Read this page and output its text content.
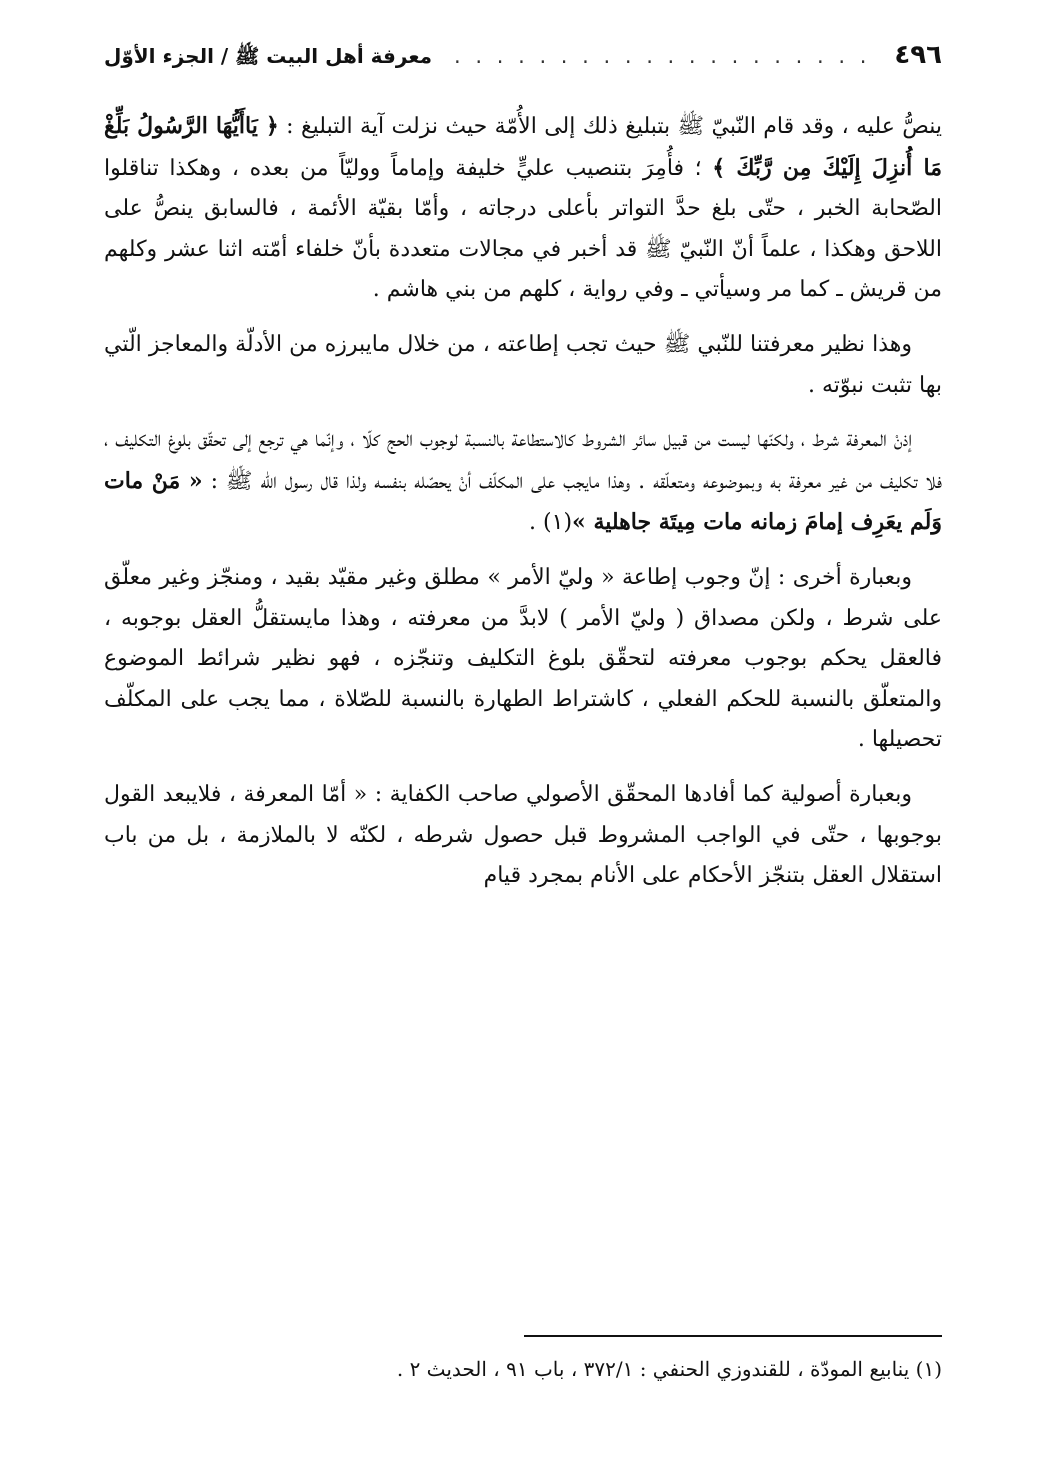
٤٩٦
. . .
معرفة أهل البيت ﷺ / الجزء الأوّل

ينصُّ عليه ، وقد قام النّبيّ ﷺ بتبليغ ذلك إلى الأُمّة حيث نزلت آية التبليغ : ﴿ يَاأَيُّهَا الرَّسُولُ بَلِّغْ مَا أُنزِلَ إِلَيْكَ مِن رَّبِّكَ ﴾ ؛ فأُمِرَ بتنصيب عليٍّ خليفة وإماماً ووليّاً من بعده ، وهكذا تناقلوا الصّحابة الخبر ، حتّى بلغ حدَّ التواتر بأعلى درجاته ، وأمّا بقيّة الأئمة ، فالسابق ينصُّ على اللاحق وهكذا ، علماً أنّ النّبيّ ﷺ قد أخبر في مجالات متعددة بأنّ خلفاء أمّته اثنا عشر وكلهم من قريش ـ كما مر وسيأتي ـ وفي رواية ، كلهم من بني هاشم .

وهذا نظير معرفتنا للنّبي ﷺ حيث تجب إطاعته ، من خلال مايبرزه من الأدلّة والمعاجز الّتي بها تثبت نبوّته .

إذنْ المعرفة شرط ، ولكنّها ليست من قبيل سائر الشروط كالاستطاعة بالنسبة لوجوب الحج كلّا ، وإنّما هي ترجع إلى تحقّق بلوغ التكليف ، فلا تكليف من غير معرفة به وبموضوعه ومتعلّقه . وهذا مايجب على المكلّف أنْ يحصّله بنفسه ولذا قال رسول الله ﷺ : « مَنْ مات وَلَم يعَرِف إمامَ زمانه مات مِيتَة جاهلية »(١) .

وبعبارة أخرى : إنّ وجوب إطاعة « وليّ الأمر » مطلق وغير مقيّد بقيد ، ومنجّز وغير معلّق على شرط ، ولكن مصداق ( وليّ الأمر ) لابدَّ من معرفته ، وهذا مايستقلُّ العقل بوجوبه ، فالعقل يحكم بوجوب معرفته لتحقّق بلوغ التكليف وتنجّزه ، فهو نظير شرائط الموضوع والمتعلّق بالنسبة للحكم الفعلي ، كاشتراط الطهارة بالنسبة للصّلاة ، مما يجب على المكلّف تحصيلها .

وبعبارة أصولية كما أفادها المحقّق الأصولي صاحب الكفاية : « أمّا المعرفة ، فلايبعد القول بوجوبها ، حتّى في الواجب المشروط قبل حصول شرطه ، لكنّه لا بالملازمة ، بل من باب استقلال العقل بتنجّز الأحكام على الأنام بمجرد قيام

(١) ينابيع المودّة ، للقندوزي الحنفي : ٣٧٢/١ ، باب ٩١ ، الحديث ٢ .
